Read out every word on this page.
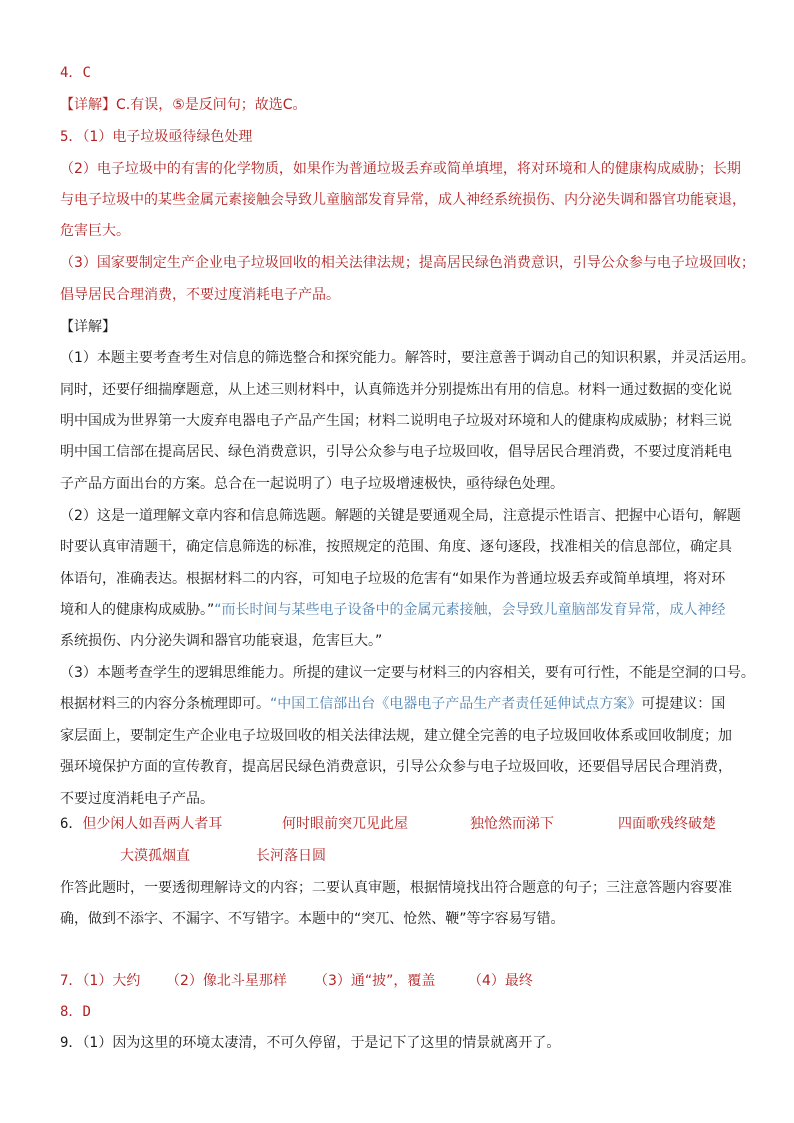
4．C
【详解】C.有误，⑤是反问句；故选C。
5．（1）电子垃圾亟待绿色处理
（2）电子垃圾中的有害的化学物质，如果作为普通垃圾丢弃或简单填埋，将对环境和人的健康构成威胁；长期
与电子垃圾中的某些金属元素接触会导致儿童脑部发育异常，成人神经系统损伤、内分泌失调和器官功能衰退，
危害巨大。
（3）国家要制定生产企业电子垃圾回收的相关法律法规；提高居民绿色消费意识，引导公众参与电子垃圾回收；
倡导居民合理消费，不要过度消耗电子产品。
【详解】
（1）本题主要考查考生对信息的筛选整合和探究能力。解答时，要注意善于调动自己的知识积累，并灵活运用。
同时，还要仔细揣摩题意，从上述三则材料中，认真筛选并分别提炼出有用的信息。材料一通过数据的变化说
明中国成为世界第一大废弃电器电子产品产生国；材料二说明电子垃圾对环境和人的健康构成威胁；材料三说
明中国工信部在提高居民、绿色消费意识，引导公众参与电子垃圾回收，倡导居民合理消费，不要过度消耗电
子产品方面出台的方案。总合在一起说明了）电子垃圾增速极快，亟待绿色处理。
（2）这是一道理解文章内容和信息筛选题。解题的关键是要通观全局，注意提示性语言、把握中心语句，解题
时要认真审清题干，确定信息筛选的标准，按照规定的范围、角度、逐句逐段，找准相关的信息部位，确定具
体语句，准确表达。根据材料二的内容，可知电子垃圾的危害有“如果作为普通垃圾丢弃或简单填埋，将对环
境和人的健康构成威胁。”“而长时间与某些电子设备中的金属元素接触，会导致儿童脑部发育异常，成人神经
系统损伤、内分泌失调和器官功能衰退，危害巨大。”
（3）本题考查学生的逻辑思维能力。所提的建议一定要与材料三的内容相关，要有可行性，不能是空洞的口号。
根据材料三的内容分条梳理即可。“中国工信部出台《电器电子产品生产者责任延伸试点方案》可提建议：国
家层面上，要制定生产企业电子垃圾回收的相关法律法规，建立健全完善的电子垃圾回收体系或回收制度；加
强环境保护方面的宣传教育，提高居民绿色消费意识，引导公众参与电子垃圾回收，还要倡导居民合理消费，
不要过度消耗电子产品。
6．但少闲人如吾两人者耳	何时眼前突兀见此屋	独怆然而涕下	四面歌残终破楚
大漠孤烟直	长河落日圆
作答此题时，一要透彻理解诗文的内容；二要认真审题，根据情境找出符合题意的句子；三注意答题内容要准
确，做到不添字、不漏字、不写错字。本题中的“突兀、怆然、鞭”等字容易写错。
7．（1）大约 （2）像北斗星那样 （3）通“披”，覆盖 （4）最终
8．D
9．（1）因为这里的环境太凄清，不可久停留，于是记下了这里的情景就离开了。
